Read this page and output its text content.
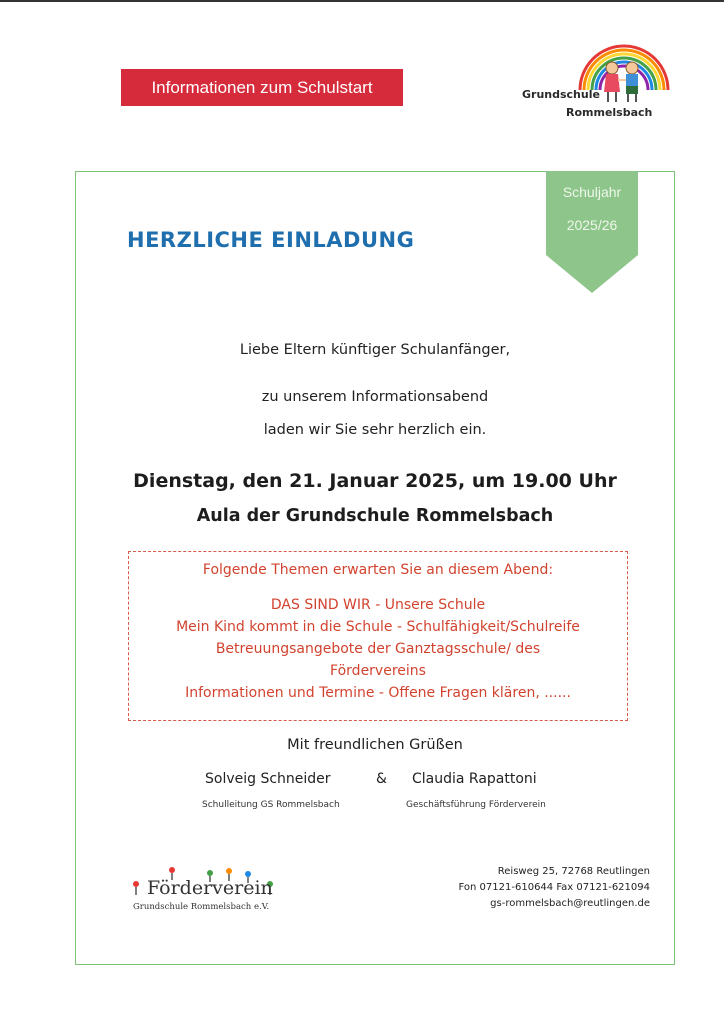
Informationen zum Schulstart	Grundschule
Rommelsbach
Schuljahr
2025/26
HERZLICHE EINLADUNG
Liebe Eltern künftiger Schulanfänger,
zu unserem Informationsabend
laden wir Sie sehr herzlich ein.
Dienstag, den 21. Januar 2025, um 19.00 Uhr
Aula der Grundschule Rommelsbach
Folgende Themen erwarten Sie an diesem Abend:
DAS SIND WIR - Unsere Schule
Mein Kind kommt in die Schule - Schulfähigkeit/Schulreife
Betreuungsangebote der Ganztagsschule/ des
Fördervereins
Informationen und Termine - Offene Fragen klären, ......
Mit freundlichen Grüßen
Solveig Schneider	& Claudia Rapattoni
Schulleitung GS Rommelsbach	Geschäftsführung Förderverein
Förderverein
Grundschule Rommelsbach e.V.
Reisweg 25, 72768 Reutlingen
Fon 07121-610644 Fax 07121-621094
gs-rommelsbach@reutlingen.de
